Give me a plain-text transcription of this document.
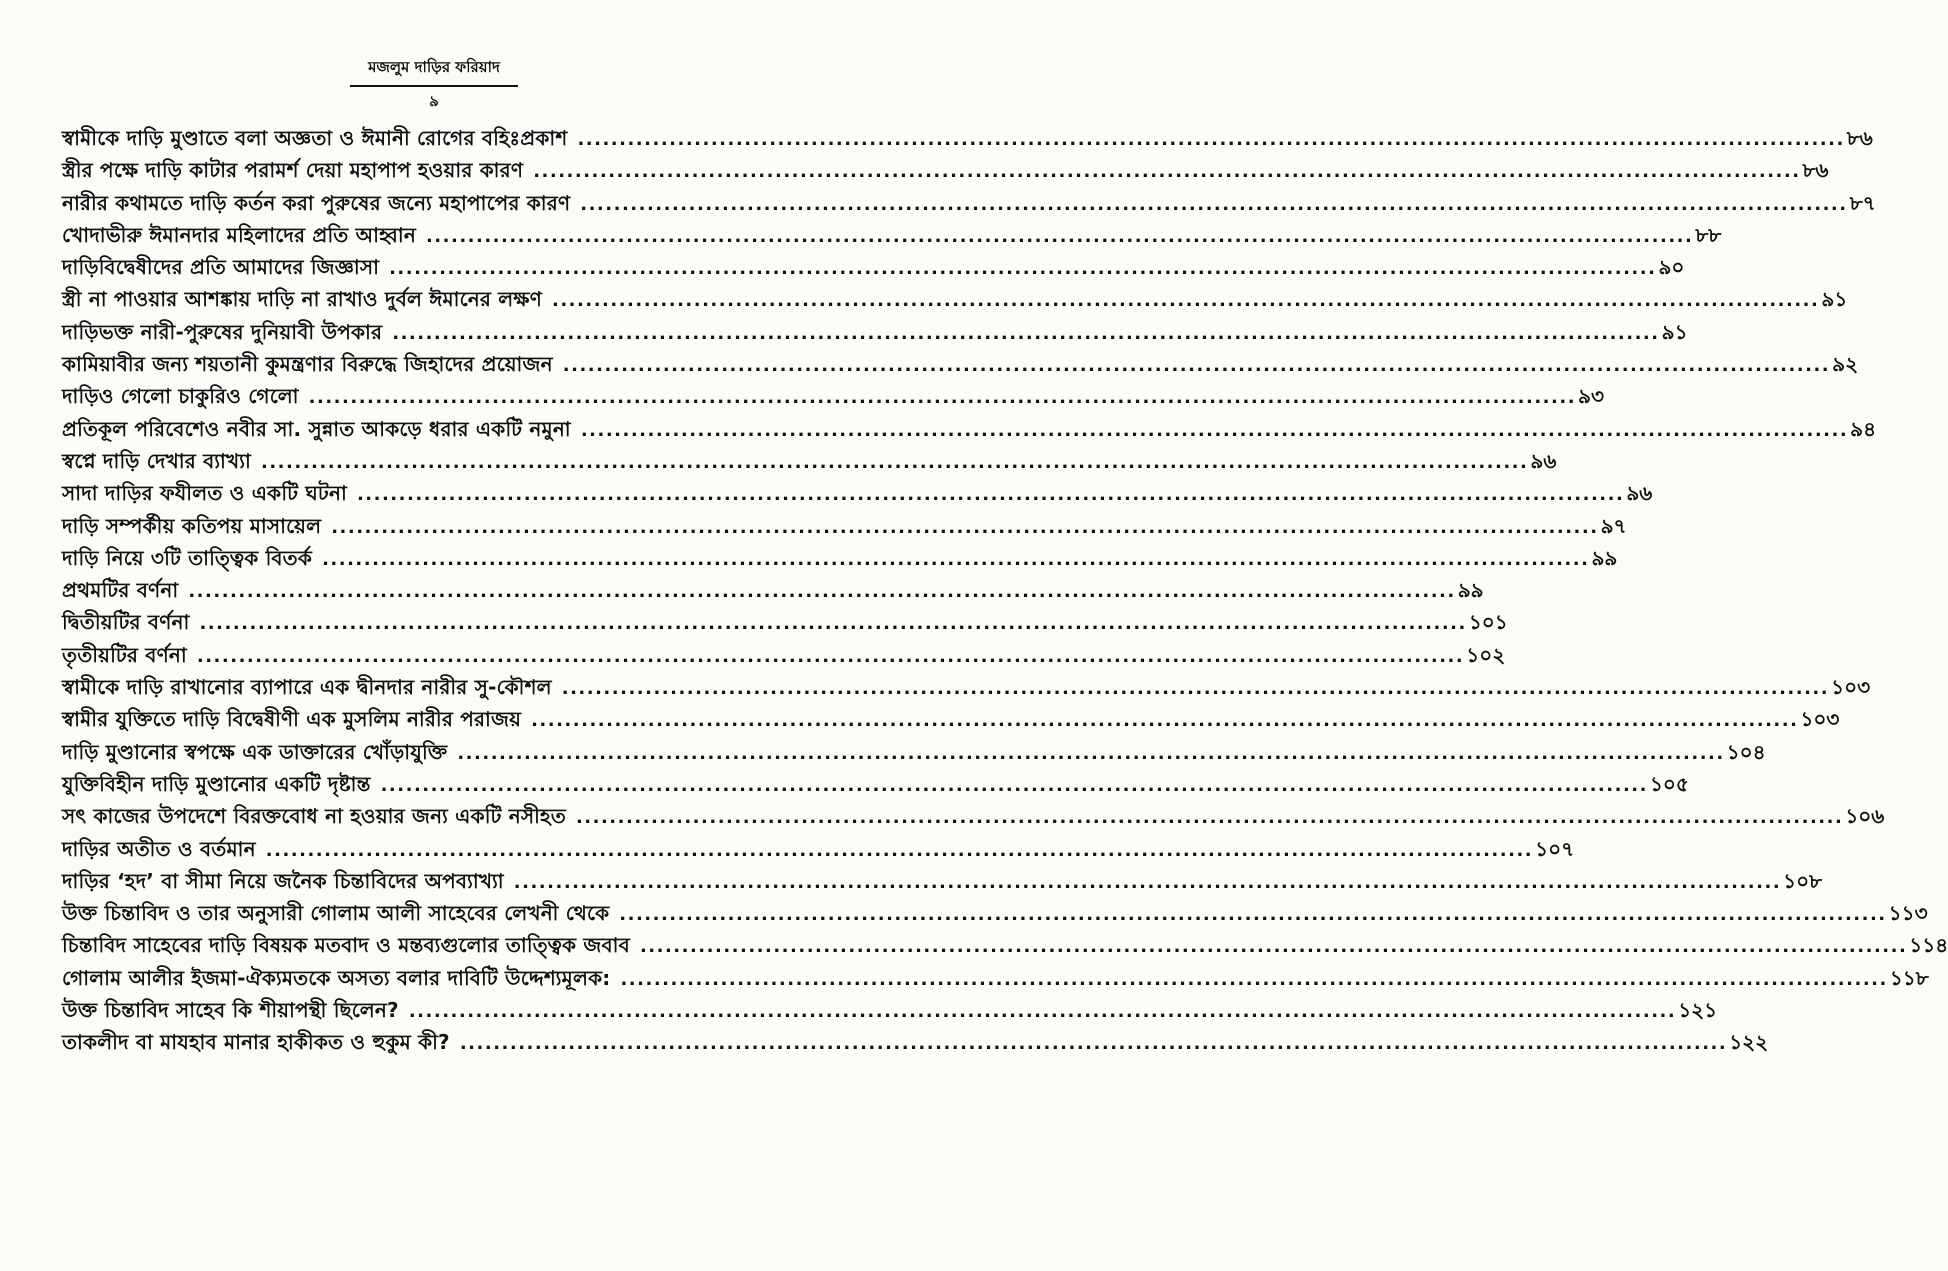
মজলুম দাড়ির ফরিয়াদ
৯
স্বামীকে দাড়ি মুণ্ডাতে বলা অজ্ঞতা ও ঈমানী রোগের বহিঃপ্রকাশ .....	৮৬
স্ত্রীর পক্ষে দাড়ি কাটার পরামর্শ দেয়া মহাপাপ হওয়ার কারণ .....	৮৬
নারীর কথামতে দাড়ি কর্তন করা পুরুষের জন্যে মহাপাপের কারণ .....	৮৭
খোদাভীরু ঈমানদার মহিলাদের প্রতি আহ্বান .....	৮৮
দাড়িবিদ্বেষীদের প্রতি আমাদের জিজ্ঞাসা .....	৯০
স্ত্রী না পাওয়ার আশঙ্কায় দাড়ি না রাখাও দুর্বল ঈমানের লক্ষণ .....	৯১
দাড়িভক্ত নারী-পুরুষের দুনিয়াবী উপকার .....	৯১
কামিয়াবীর জন্য শয়তানী কুমন্ত্রণার বিরুদ্ধে জিহাদের প্রয়োজন .....	৯২
দাড়িও গেলো চাকুরিও গেলো .....	৯৩
প্রতিকূল পরিবেশেও নবীর সা. সুন্নাত আকড়ে ধরার একটি নমুনা .....	৯৪
স্বপ্নে দাড়ি দেখার ব্যাখ্যা .....	৯৬
সাদা দাড়ির ফযীলত ও একটি ঘটনা .....	৯৬
দাড়ি সম্পর্কীয় কতিপয় মাসায়েল .....	৯৭
দাড়ি নিয়ে ৩টি তাত্ত্বিক বিতর্ক .....	৯৯
প্রথমটির বর্ণনা .....	৯৯
দ্বিতীয়টির বর্ণনা .....	১০১
তৃতীয়টির বর্ণনা .....	১০২
স্বামীকে দাড়ি রাখানোর ব্যাপারে এক দ্বীনদার নারীর সু-কৌশল .....	১০৩
স্বামীর যুক্তিতে দাড়ি বিদ্বেষীণী এক মুসলিম নারীর পরাজয় .....	১০৩
দাড়ি মুণ্ডানোর স্বপক্ষে এক ডাক্তারের খোঁড়াযুক্তি .....	১০৪
যুক্তিবিহীন দাড়ি মুণ্ডানোর একটি দৃষ্টান্ত .....	১০৫
সৎ কাজের উপদেশে বিরক্তবোধ না হওয়ার জন্য একটি নসীহত .....	১০৬
দাড়ির অতীত ও বর্তমান .....	১০৭
দাড়ির ‘হদ’ বা সীমা নিয়ে জনৈক চিন্তাবিদের অপব্যাখ্যা .....	১০৮
উক্ত চিন্তাবিদ ও তার অনুসারী গোলাম আলী সাহেবের লেখনী থেকে .....	১১৩
চিন্তাবিদ সাহেবের দাড়ি বিষয়ক মতবাদ ও মন্তব্যগুলোর তাত্ত্বিক জবাব .....	১১৪
গোলাম আলীর ইজমা-ঐক্যমতকে অসত্য বলার দাবিটি উদ্দেশ্যমূলক: .....	১১৮
উক্ত চিন্তাবিদ সাহেব কি শীয়াপন্থী ছিলেন? .....	১২১
তাকলীদ বা মাযহাব মানার হাকীকত ও হুকুম কী? .....	১২২
